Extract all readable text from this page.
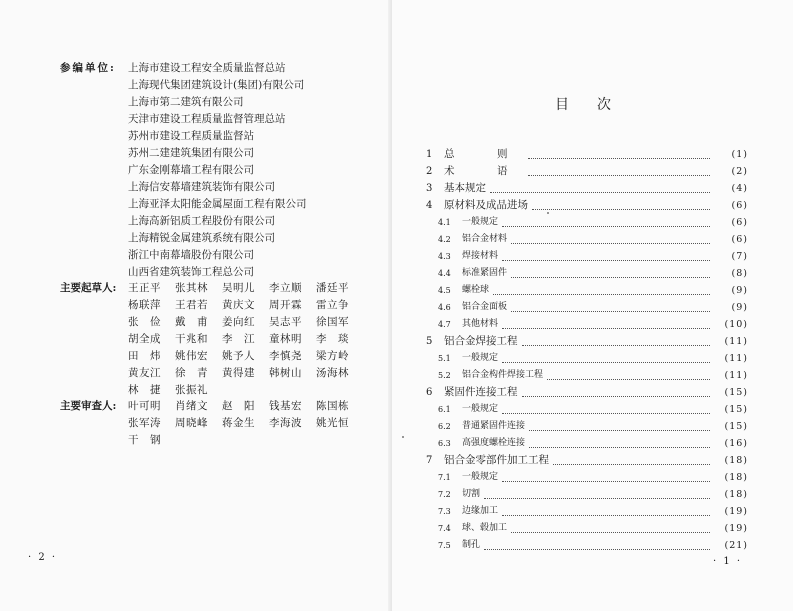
参编单位:	上海市建设工程安全质量监督总站
上海现代集团建筑设计(集团)有限公司
上海市第二建筑有限公司
天津市建设工程质量监督管理总站
苏州市建设工程质量监督站
苏州二建建筑集团有限公司
广东金刚幕墙工程有限公司
上海信安幕墙建筑装饰有限公司
上海亚泽太阳能金属屋面工程有限公司
上海高新铝质工程股份有限公司
上海精锐金属建筑系统有限公司
浙江中南幕墙股份有限公司
山西省建筑装饰工程总公司
主要起草人:	王正平	张其林	吴明儿	李立顺	潘廷平
杨联萍	王君若	黄庆文	周开霖	雷立争
张　俭	戴　甫	姜向红	吴志平	徐国军
胡全成	干兆和	李　江	童林明	李　琰
田　炜	姚伟宏	姚予人	李慎尧	梁方岭
黄友江	徐　青	黄得建	韩树山	汤海林
林　捷	张振礼
主要审查人:	叶可明	肖绪文	赵　阳	钱基宏	陈国栋
张军涛	周晓峰	蒋金生	李海波	姚光恒
干　钢
· 2 ·
目次
1	总　则	(1)
2	术　语	(2)
3	基本规定	(4)
4	原材料及成品进场	(6)
4.1	一般规定	(6)
4.2	铝合金材料	(6)
4.3	焊接材料	(7)
4.4	标准紧固件	(8)
4.5	螺栓球	(9)
4.6	铝合金面板	(9)
4.7	其他材料	(10)
5	铝合金焊接工程	(11)
5.1	一般规定	(11)
5.2	铝合金构件焊接工程	(11)
6	紧固件连接工程	(15)
6.1	一般规定	(15)
6.2	普通紧固件连接	(15)
6.3	高强度螺栓连接	(16)
7	铝合金零部件加工工程	(18)
7.1	一般规定	(18)
7.2	切割	(18)
7.3	边缘加工	(19)
7.4	球、毂加工	(19)
7.5	制孔	(21)
· 1 ·
